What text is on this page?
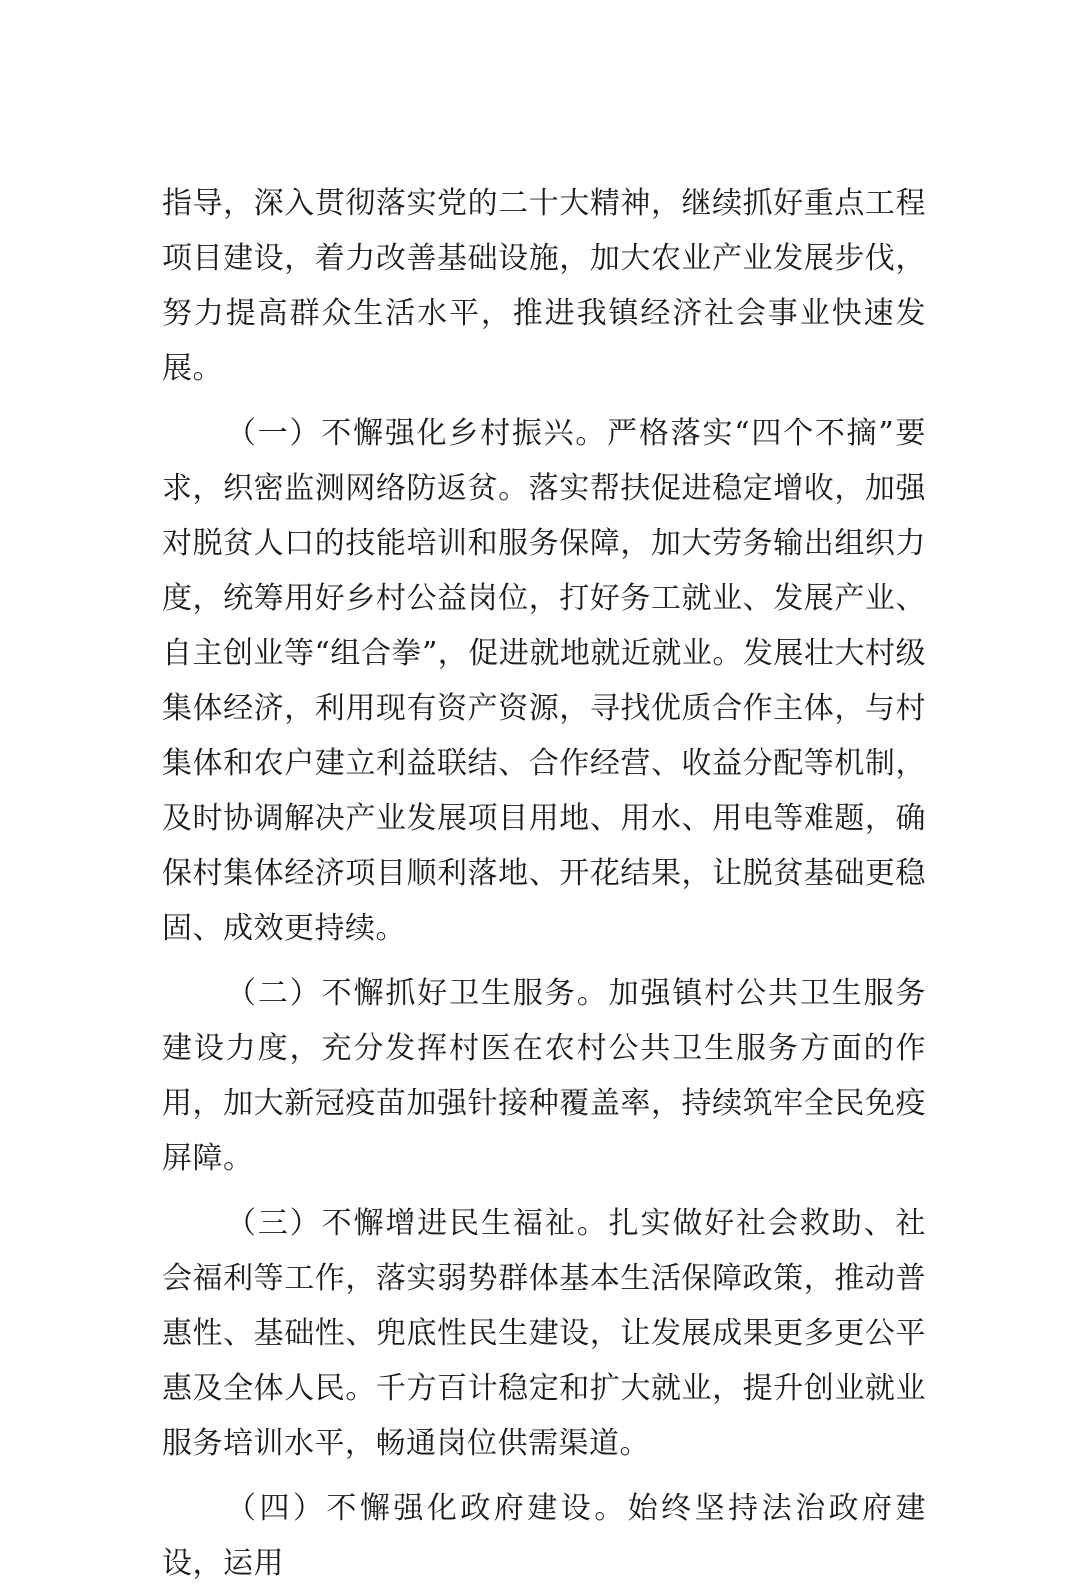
指导，深入贯彻落实党的二十大精神，继续抓好重点工程项目建设，着力改善基础设施，加大农业产业发展步伐，努力提高群众生活水平，推进我镇经济社会事业快速发展。

（一）不懈强化乡村振兴。严格落实“四个不摘”要求，织密监测网络防返贫。落实帮扶促进稳定增收，加强对脱贫人口的技能培训和服务保障，加大劳务输出组织力度，统筹用好乡村公益岗位，打好务工就业、发展产业、自主创业等“组合拳”，促进就地就近就业。发展壮大村级集体经济，利用现有资产资源，寻找优质合作主体，与村集体和农户建立利益联结、合作经营、收益分配等机制，及时协调解决产业发展项目用地、用水、用电等难题，确保村集体经济项目顺利落地、开花结果，让脱贫基础更稳固、成效更持续。

（二）不懈抓好卫生服务。加强镇村公共卫生服务建设力度，充分发挥村医在农村公共卫生服务方面的作用，加大新冠疫苗加强针接种覆盖率，持续筑牢全民免疫屏障。

（三）不懈增进民生福祉。扎实做好社会救助、社会福利等工作，落实弱势群体基本生活保障政策，推动普惠性、基础性、兜底性民生建设，让发展成果更多更公平惠及全体人民。千方百计稳定和扩大就业，提升创业就业服务培训水平，畅通岗位供需渠道。

（四）不懈强化政府建设。始终坚持法治政府建设，运用
